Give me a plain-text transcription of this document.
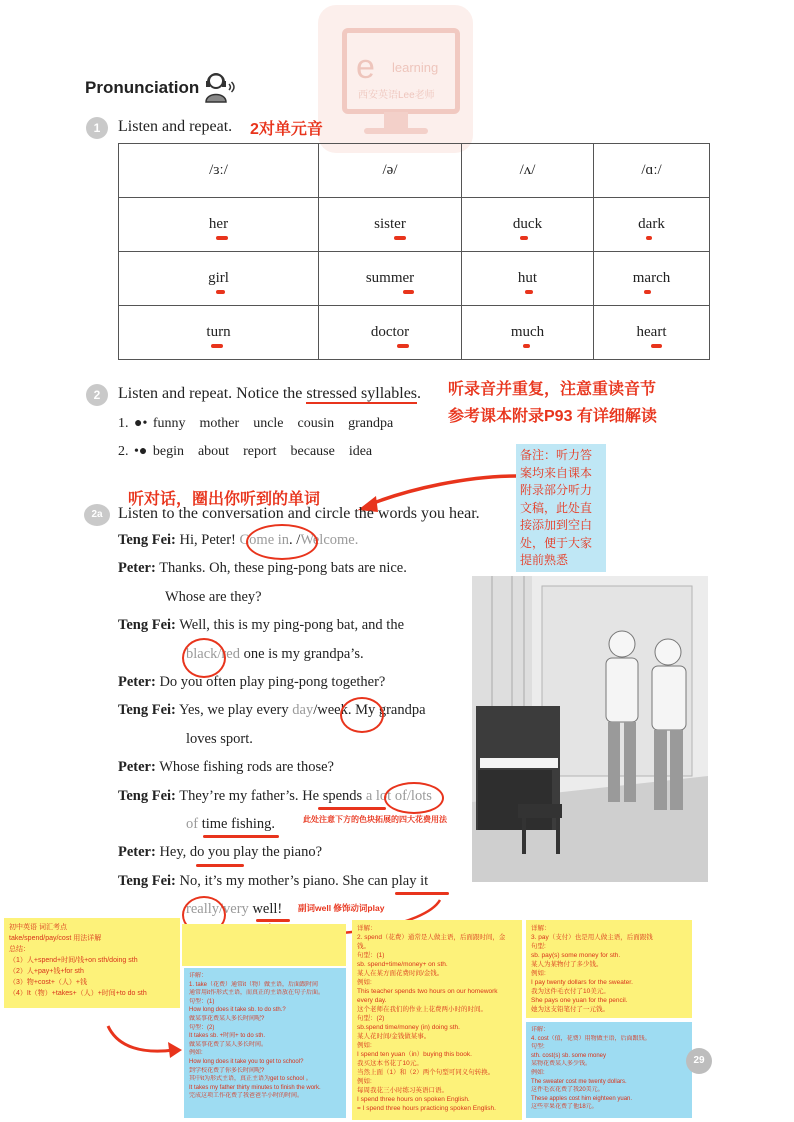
e learning
西安英语Lee老师
Pronunciation
1	Listen and repeat. 2对单元音
/ɜː/	/ə/	/ʌ/	/ɑː/
her	sister	duck	dark
girl	summer	hut	march
turn	doctor	much	heart
2	Listen and repeat. Notice the stressed syllables. 听录音并重复，注意重读音节
参考课本附录P93 有详细解读
1. ●• funny mother uncle cousin grandpa
2. •● begin about report because idea	备注：听力答
案均来自课本
附录部分听力
文稿，此处直
接添加到空白
处，便于大家
提前熟悉
听对话，圈出你听到的单词
2a Listen to the conversation and circle the words you hear.
Teng Fei: Hi, Peter! Come in. /Welcome.
Peter: Thanks. Oh, these ping-pong bats are nice.
Whose are they?
Teng Fei: Well, this is my ping-pong bat, and the
black/red one is my grandpa’s.
Peter: Do you often play ping-pong together?
Teng Fei: Yes, we play every day/week. My grandpa
loves sport.
Peter: Whose fishing rods are those?
Teng Fei: They’re my father’s. He spends a lot of/lots
of time fishing.
Peter: Hey, do you play the piano?
Teng Fei: No, it’s my mother’s piano. She can play it
really/very well!
此处注意下方的色块拓展的四大花费用法
副词well 修饰动词play
初中英语 词汇考点
take/spend/pay/cost 用法详解
总结：
（1）人+spend+时间/钱+on sth/doing sth
（2）人+pay+钱+for sth
（3）物+cost+（人）+钱
（4）It（物）+takes+（人）+时间+to do sth
详解：
1. take（花费）通常it（物）做主语，后面跟时间
通常用it作形式主语，而真正的主语放在句子后面。
句型：(1)
How long does it take sb. to do sth.?
做某事花费某人多长时间呢?
句型：(2)
It takes sb. +时间+ to do sth.
做某事花费了某人多长时间。
例如:
How long does it take you to get to school?
到学校花费了你多长时间呢?
其中it为形式主语，真正主语为get to school 。
It takes my father thirty minutes to finish the work.
完成这项工作花费了我爸爸半小时的时间。
详解：
2. spend（花费）通常是人做主语，后面跟时间，金
钱。
句型：(1)
sb. spend+time/money+ on sth.
某人在某方面花费时间/金钱。
例如:
This teacher spends two hours on our homework
every day.
这个老师在我们的作业上花费两小时的时间。
句型：(2)
sb.spend time/money (in) doing sth.
某人花时间/金钱做某事。
例如:
I spend ten yuan（in）buying this book.
我买这本书花了10元。
当然上面（1）和（2）两个句型可同义句转换。
例如:
每周我花三小时练习英语口语。
I spend three hours on spoken English.
= I spend three hours practicing spoken English.
详解：
3. pay（支付）也是用人做主语，后面跟钱
句型:
sb. pay(s) some money for sth.
某人为某物付了多少钱。
例如:
I pay twenty dollars for the sweater.
我为这件毛衣付了10美元。
She pays one yuan for the pencil.
她为这支铅笔付了一元钱。
详解：
4. cost（值，花费）用物做主语，后面跟钱。
句型:
sth. cost(s) sb. some money
某物花费某人多少钱。
例如:
The sweater cost me twenty dollars.
这件毛衣花费了我20美元。
These apples cost him eighteen yuan.
这些苹果花费了他18元。
29
